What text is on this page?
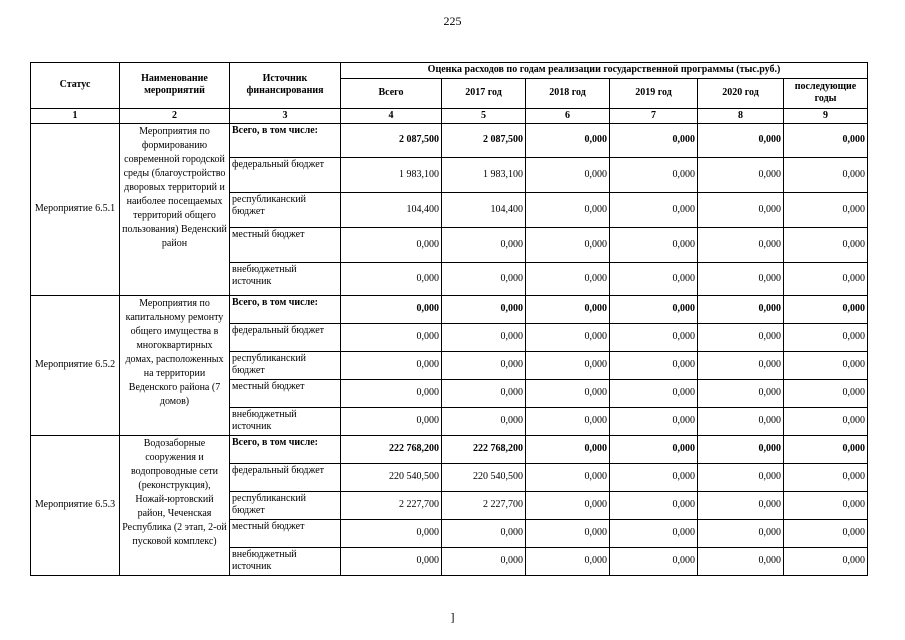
225
Статус	Наименование мероприятий	Источник финансирования	Оценка расходов по годам реализации государственной программы (тыс.руб.)					
			Всего	2017 год	2018 год	2019 год	2020 год	последующие годы
1	2	3	4	5	6	7	8	9
Мероприятие 6.5.1	Мероприятия по формированию современной городской среды (благоустройство дворовых территорий и наиболее посещаемых территорий общего пользования) Веденский район	Всего, в том числе:	2 087,500	2 087,500	0,000	0,000	0,000	0,000
		федеральный бюджет	1 983,100	1 983,100	0,000	0,000	0,000	0,000
		республиканский бюджет	104,400	104,400	0,000	0,000	0,000	0,000
		местный бюджет	0,000	0,000	0,000	0,000	0,000	0,000
		внебюджетный источник	0,000	0,000	0,000	0,000	0,000	0,000
Мероприятие 6.5.2	Мероприятия по капитальному ремонту общего имущества в многоквартирных домах, расположенных на территории Веденского района (7 домов)	Всего, в том числе:	0,000	0,000	0,000	0,000	0,000	0,000
		федеральный бюджет	0,000	0,000	0,000	0,000	0,000	0,000
		республиканский бюджет	0,000	0,000	0,000	0,000	0,000	0,000
		местный бюджет	0,000	0,000	0,000	0,000	0,000	0,000
		внебюджетный источник	0,000	0,000	0,000	0,000	0,000	0,000
Мероприятие 6.5.3	Водозаборные сооружения и водопроводные сети (реконструкция), Ножай-юртовский район, Чеченская Республика (2 этап, 2-ой пусковой комплекс)	Всего, в том числе:	222 768,200	222 768,200	0,000	0,000	0,000	0,000
		федеральный бюджет	220 540,500	220 540,500	0,000	0,000	0,000	0,000
		республиканский бюджет	2 227,700	2 227,700	0,000	0,000	0,000	0,000
		местный бюджет	0,000	0,000	0,000	0,000	0,000	0,000
		внебюджетный источник	0,000	0,000	0,000	0,000	0,000	0,000
]
